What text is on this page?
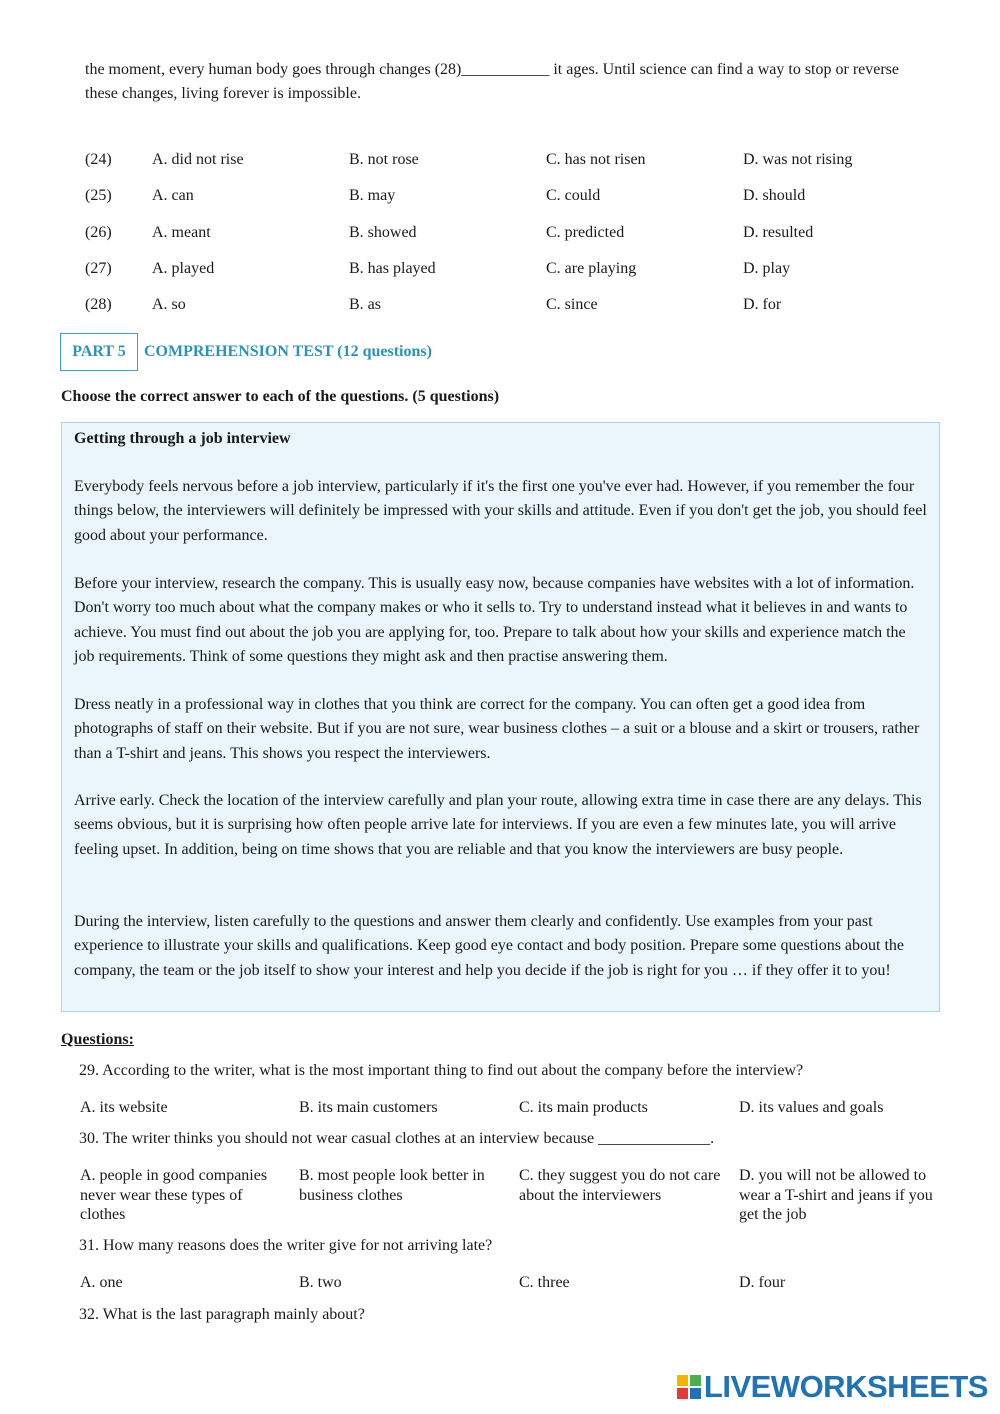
the moment, every human body goes through changes (28)___________ it ages. Until science can find a way to stop or reverse
these changes, living forever is impossible.
(24)	A. did not rise	B. not rose	C. has not risen	D. was not rising
(25)	A. can	B. may	C. could	D. should
(26)	A. meant	B. showed	C. predicted	D. resulted
(27)	A. played	B. has played	C. are playing	D. play
(28)	A. so	B. as	C. since	D. for
PART 5	COMPREHENSION TEST (12 questions)
Choose the correct answer to each of the questions. (5 questions)
Getting through a job interview
Everybody feels nervous before a job interview, particularly if it's the first one you've ever had. However, if you remember the four things below, the interviewers will definitely be impressed with your skills and attitude. Even if you don't get the job, you should feel good about your performance.
Before your interview, research the company. This is usually easy now, because companies have websites with a lot of information. Don't worry too much about what the company makes or who it sells to. Try to understand instead what it believes in and wants to achieve. You must find out about the job you are applying for, too. Prepare to talk about how your skills and experience match the job requirements. Think of some questions they might ask and then practise answering them.
Dress neatly in a professional way in clothes that you think are correct for the company. You can often get a good idea from photographs of staff on their website. But if you are not sure, wear business clothes – a suit or a blouse and a skirt or trousers, rather than a T-shirt and jeans. This shows you respect the interviewers.
Arrive early. Check the location of the interview carefully and plan your route, allowing extra time in case there are any delays. This seems obvious, but it is surprising how often people arrive late for interviews. If you are even a few minutes late, you will arrive feeling upset. In addition, being on time shows that you are reliable and that you know the interviewers are busy people.
During the interview, listen carefully to the questions and answer them clearly and confidently. Use examples from your past experience to illustrate your skills and qualifications. Keep good eye contact and body position. Prepare some questions about the company, the team or the job itself to show your interest and help you decide if the job is right for you … if they offer it to you!
Questions:
29. According to the writer, what is the most important thing to find out about the company before the interview?
A. its website	B. its main customers	C. its main products	D. its values and goals
30. The writer thinks you should not wear casual clothes at an interview because ______________.
A. people in good companies never wear these types of clothes
B. most people look better in business clothes
C. they suggest you do not care about the interviewers
D. you will not be allowed to wear a T-shirt and jeans if you get the job
31. How many reasons does the writer give for not arriving late?
A. one	B. two	C. three	D. four
32. What is the last paragraph mainly about?
LIVEWORKSHEETS
